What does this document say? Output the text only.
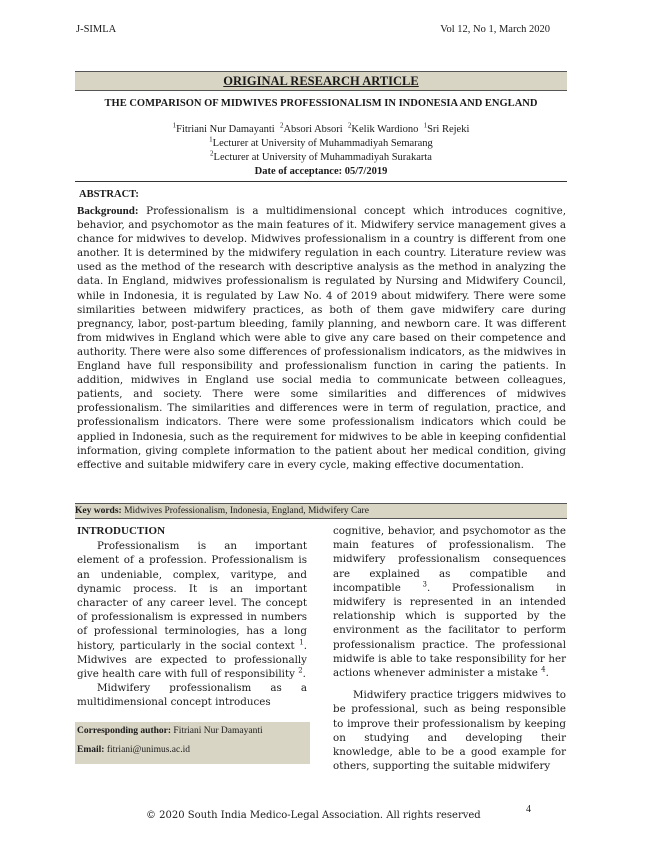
J-SIMLA	Vol 12, No 1, March 2020
ORIGINAL RESEARCH ARTICLE
THE COMPARISON OF MIDWIVES PROFESSIONALISM IN INDONESIA AND ENGLAND
$^1$Fitriani Nur Damayanti $^2$Absori Absori $^2$Kelik Wardiono $^1$Sri Rejeki
$^1$Lecturer at University of Muhammadiyah Semarang
$^2$Lecturer at University of Muhammadiyah Surakarta
Date of acceptance: 05/7/2019
ABSTRACT:
Background: Professionalism is a multidimensional concept which introduces cognitive, behavior, and psychomotor as the main features of it. Midwifery service management gives a chance for midwives to develop. Midwives professionalism in a country is different from one another. It is determined by the midwifery regulation in each country. Literature review was used as the method of the research with descriptive analysis as the method in analyzing the data. In England, midwives professionalism is regulated by Nursing and Midwifery Council, while in Indonesia, it is regulated by Law No. 4 of 2019 about midwifery. There were some similarities between midwifery practices, as both of them gave midwifery care during pregnancy, labor, post-partum bleeding, family planning, and newborn care. It was different from midwives in England which were able to give any care based on their competence and authority. There were also some differences of professionalism indicators, as the midwives in England have full responsibility and professionalism function in caring the patients. In addition, midwives in England use social media to communicate between colleagues, patients, and society. There were some similarities and differences of midwives professionalism. The similarities and differences were in term of regulation, practice, and professionalism indicators. There were some professionalism indicators which could be applied in Indonesia, such as the requirement for midwives to be able in keeping confidential information, giving complete information to the patient about her medical condition, giving effective and suitable midwifery care in every cycle, making effective documentation.
Key words: Midwives Professionalism, Indonesia, England, Midwifery Care
INTRODUCTION

Professionalism is an important element of a profession. Professionalism is an undeniable, complex, varitype, and dynamic process. It is an important character of any career level. The concept of professionalism is expressed in numbers of professional terminologies, has a long history, particularly in the social context $^1$. Midwives are expected to professionally give health care with full of responsibility $^2$.

Midwifery professionalism as a multidimensional concept introduces

Corresponding author: Fitriani Nur Damayanti
Email: fitriani@unimus.ac.id

cognitive, behavior, and psychomotor as the main features of professionalism. The midwifery professionalism consequences are explained as compatible and incompatible $^3$. Professionalism in midwifery is represented in an intended relationship which is supported by the environment as the facilitator to perform professionalism practice. The professional midwife is able to take responsibility for her actions whenever administer a mistake $^4$.

Midwifery practice triggers midwives to be professional, such as being responsible to improve their professionalism by keeping on studying and developing their knowledge, able to be a good example for others, supporting the suitable midwifery

© 2020 South India Medico-Legal Association. All rights reserved
4
